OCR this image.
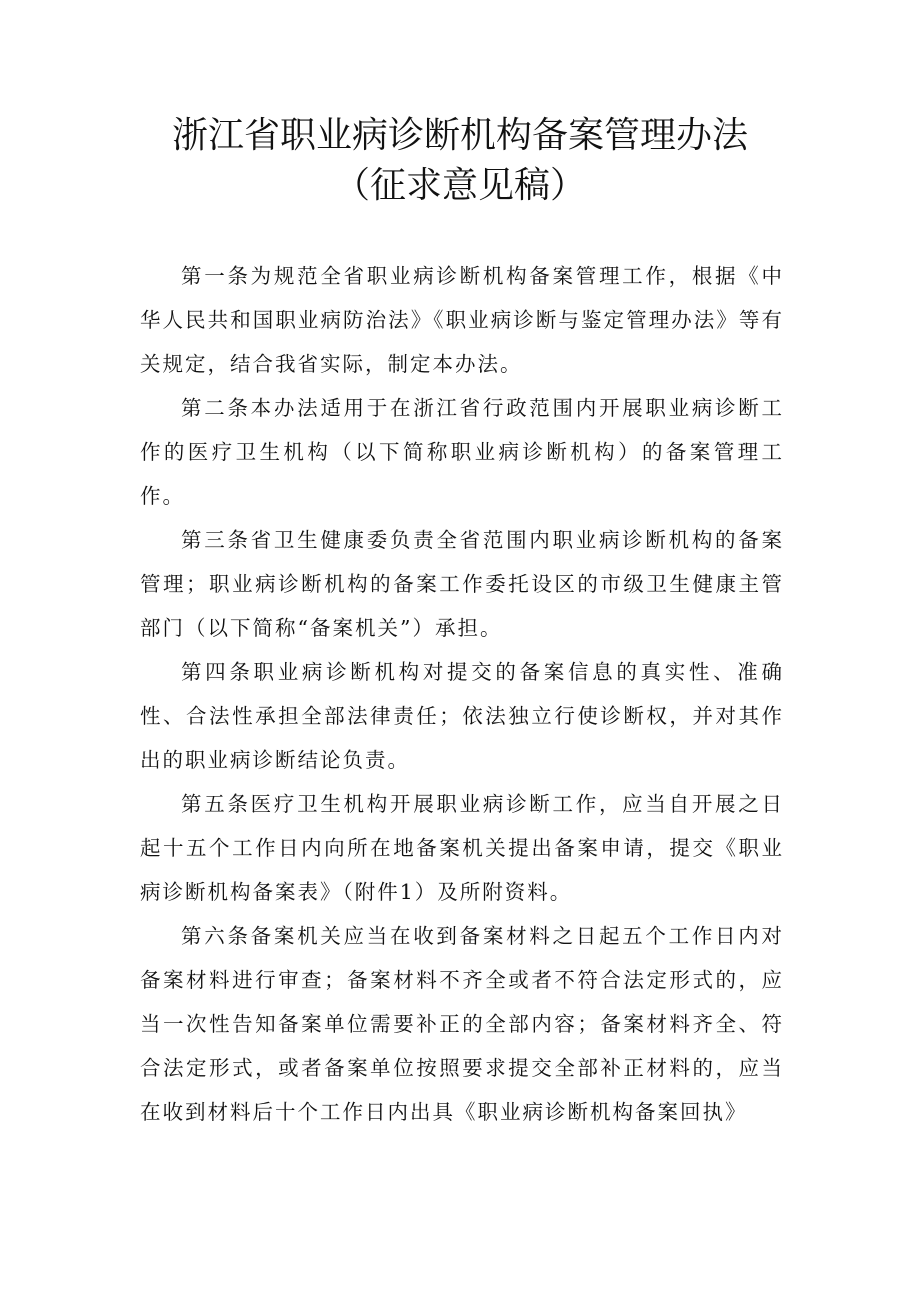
浙江省职业病诊断机构备案管理办法
（征求意见稿）

第一条为规范全省职业病诊断机构备案管理工作，根据《中华人民共和国职业病防治法》《职业病诊断与鉴定管理办法》等有关规定，结合我省实际，制定本办法。

第二条本办法适用于在浙江省行政范围内开展职业病诊断工作的医疗卫生机构（以下简称职业病诊断机构）的备案管理工作。

第三条省卫生健康委负责全省范围内职业病诊断机构的备案管理；职业病诊断机构的备案工作委托设区的市级卫生健康主管部门（以下简称“备案机关”）承担。

第四条职业病诊断机构对提交的备案信息的真实性、准确性、合法性承担全部法律责任；依法独立行使诊断权，并对其作出的职业病诊断结论负责。

第五条医疗卫生机构开展职业病诊断工作，应当自开展之日起十五个工作日内向所在地备案机关提出备案申请，提交《职业病诊断机构备案表》（附件1）及所附资料。

第六条备案机关应当在收到备案材料之日起五个工作日内对备案材料进行审查；备案材料不齐全或者不符合法定形式的，应当一次性告知备案单位需要补正的全部内容；备案材料齐全、符合法定形式，或者备案单位按照要求提交全部补正材料的，应当在收到材料后十个工作日内出具《职业病诊断机构备案回执》
